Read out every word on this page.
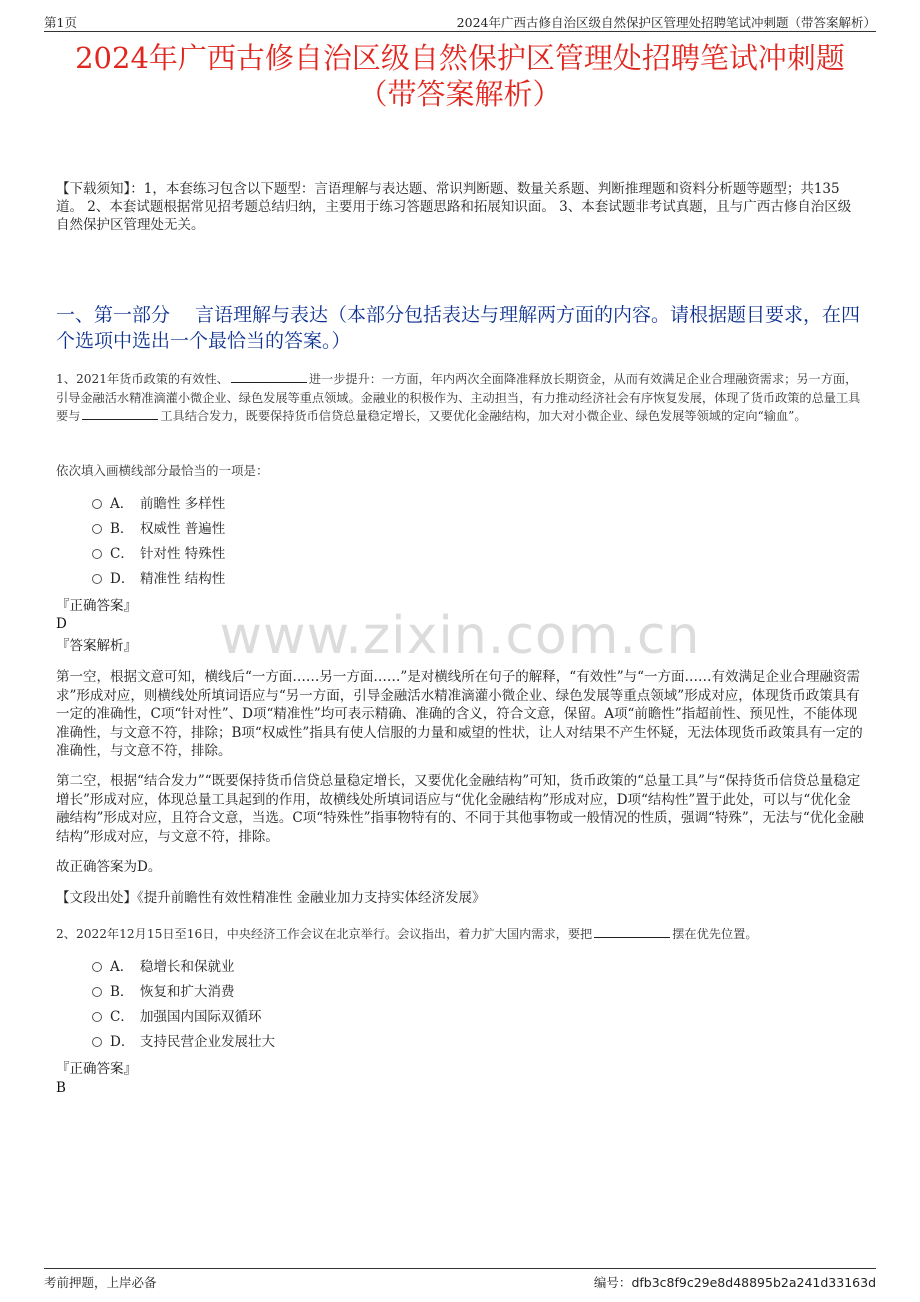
第1页	2024年广西古修自治区级自然保护区管理处招聘笔试冲刺题（带答案解析）
2024年广西古修自治区级自然保护区管理处招聘笔试冲刺题
（带答案解析）
【下载须知】：1，本套练习包含以下题型：言语理解与表达题、常识判断题、数量关系题、判断推理题和资料分析题等题型；共135道。 2、本套试题根据常见招考题总结归纳，主要用于练习答题思路和拓展知识面。 3、本套试题非考试真题，且与广西古修自治区级自然保护区管理处无关。
一、第一部分　 言语理解与表达（本部分包括表达与理解两方面的内容。请根据题目要求，在四个选项中选出一个最恰当的答案。）
1、2021年货币政策的有效性、	进一步提升：一方面，年内两次全面降准释放长期资金，从而有效满足企业合理融资需求；另一方面，引导金融活水精准滴灌小微企业、绿色发展等重点领域。金融业的积极作为、主动担当，有力推动经济社会有序恢复发展，体现了货币政策的总量工具要与	工具结合发力，既要保持货币信贷总量稳定增长，又要优化金融结构，加大对小微企业、绿色发展等领域的定向“输血”。
依次填入画横线部分最恰当的一项是：
A． 前瞻性 多样性
B． 权威性 普遍性
C． 针对性 特殊性
D． 精准性 结构性
『正确答案』
D
『答案解析』	www.zixin.com.cn
第一空，根据文意可知，横线后“一方面……另一方面……”是对横线所在句子的解释，“有效性”与“一方面……有效满足企业合理融资需求”形成对应，则横线处所填词语应与“另一方面，引导金融活水精准滴灌小微企业、绿色发展等重点领域”形成对应，体现货币政策具有一定的准确性，C项“针对性”、D项“精准性”均可表示精确、准确的含义，符合文意，保留。A项“前瞻性”指超前性、预见性，不能体现准确性，与文意不符，排除；B项“权威性”指具有使人信服的力量和威望的性状，让人对结果不产生怀疑，无法体现货币政策具有一定的准确性，与文意不符，排除。
第二空，根据“结合发力”“既要保持货币信贷总量稳定增长，又要优化金融结构”可知，货币政策的“总量工具”与“保持货币信贷总量稳定增长”形成对应，体现总量工具起到的作用，故横线处所填词语应与“优化金融结构”形成对应，D项“结构性”置于此处，可以与“优化金融结构”形成对应，且符合文意，当选。C项“特殊性”指事物特有的、不同于其他事物或一般情况的性质，强调“特殊”，无法与“优化金融结构”形成对应，与文意不符，排除。
故正确答案为D。
【文段出处】《提升前瞻性有效性精准性 金融业加力支持实体经济发展》
2、2022年12月15日至16日，中央经济工作会议在北京举行。会议指出，着力扩大国内需求，要把	摆在优先位置。
A． 稳增长和保就业
B． 恢复和扩大消费
C． 加强国内国际双循环
D． 支持民营企业发展壮大
『正确答案』
B
考前押题，上岸必备	编号：dfb3c8f9c29e8d48895b2a241d33163d
